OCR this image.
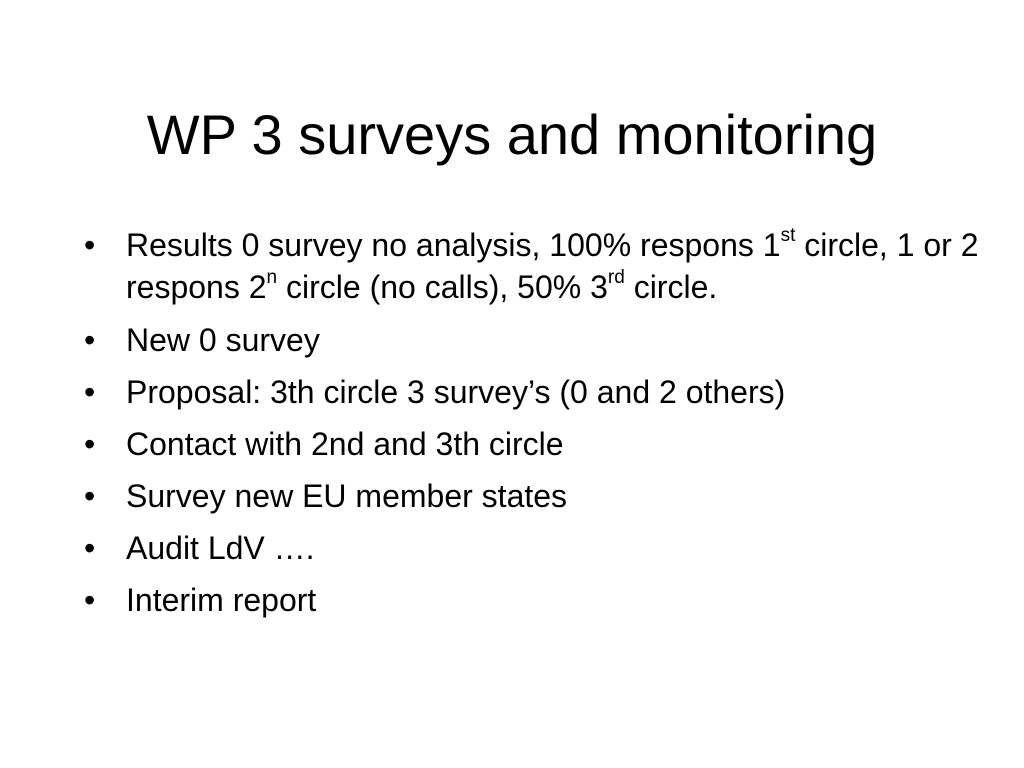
WP 3 surveys and monitoring
• Results 0 survey no analysis, 100% respons 1st circle, 1 or 2 respons 2$^n$ circle (no calls), 50% 3rd circle.
• New 0 survey
• Proposal: 3th circle 3 survey’s (0 and 2 others)
• Contact with 2nd and 3th circle
• Survey new EU member states
• Audit LdV ….
• Interim report
